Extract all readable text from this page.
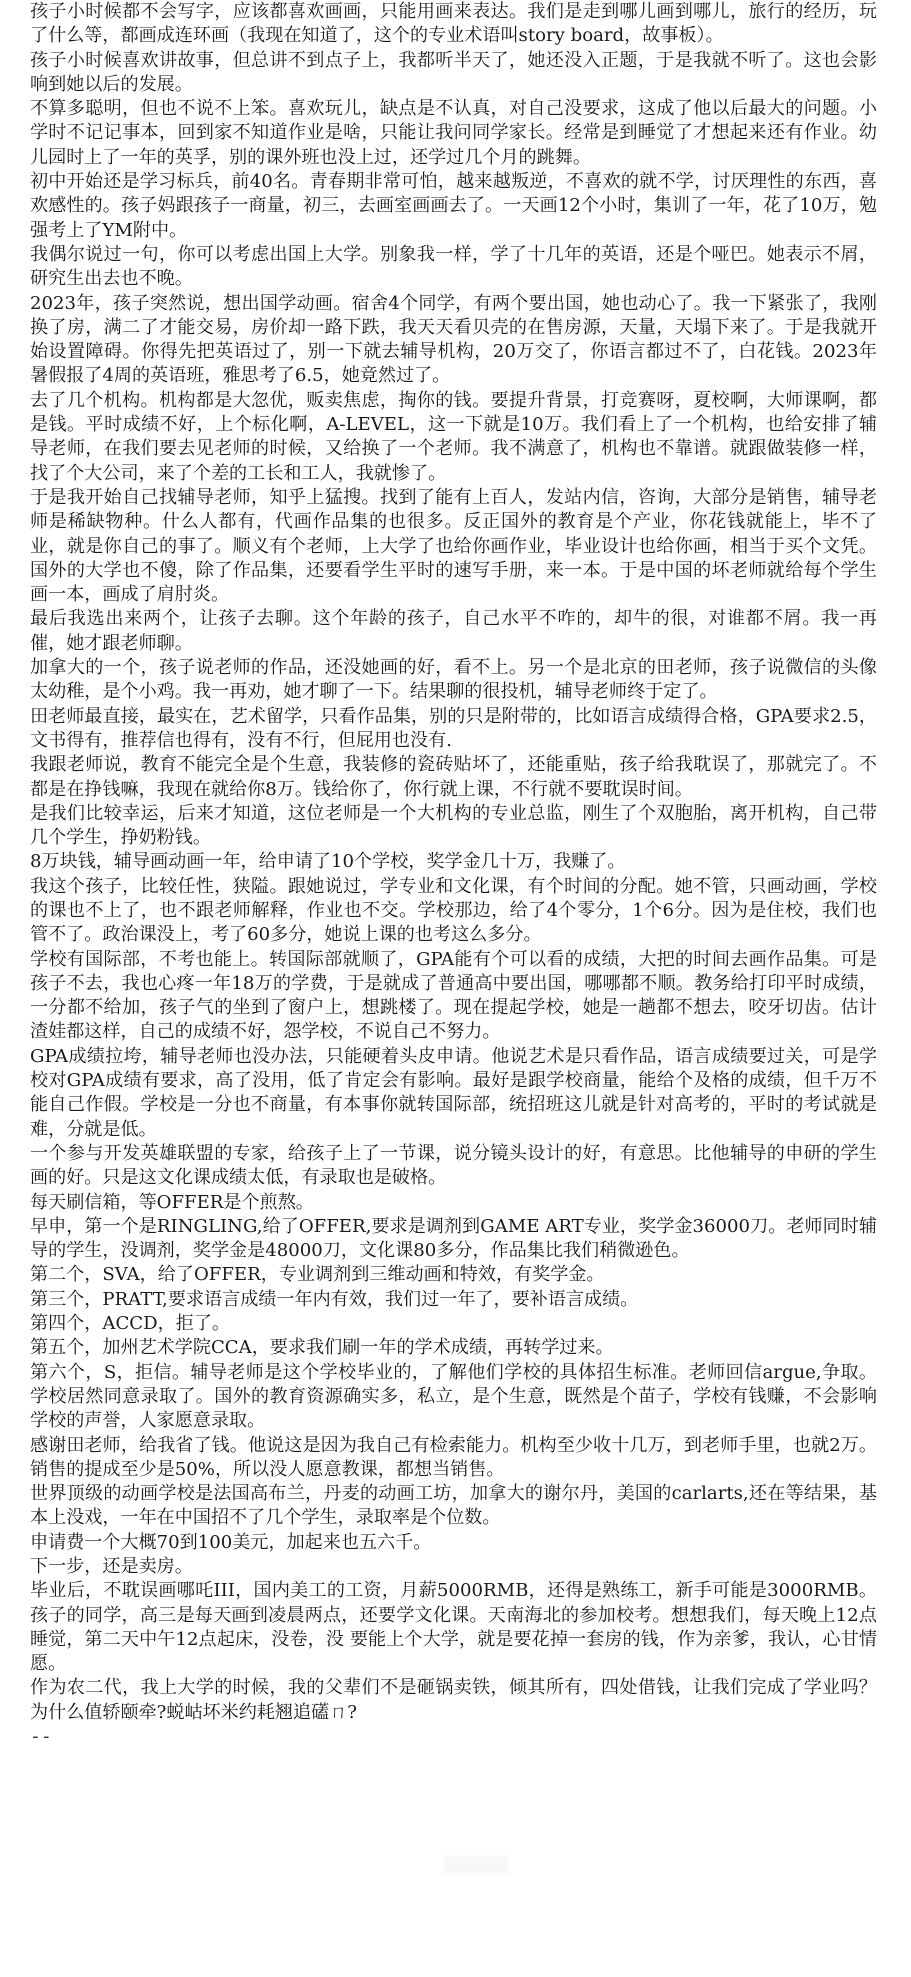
孩子小时候都不会写字，应该都喜欢画画，只能用画来表达。我们是走到哪儿画到哪儿，旅行的经历，玩了什么等，都画成连环画（我现在知道了，这个的专业术语叫story board，故事板）。

孩子小时候喜欢讲故事，但总讲不到点子上，我都听半天了，她还没入正题，于是我就不听了。这也会影响到她以后的发展。

不算多聪明，但也不说不上笨。喜欢玩儿，缺点是不认真，对自己没要求，这成了他以后最大的问题。小学时不记记事本，回到家不知道作业是啥，只能让我问同学家长。经常是到睡觉了才想起来还有作业。幼儿园时上了一年的英孚，别的课外班也没上过，还学过几个月的跳舞。

初中开始还是学习标兵，前40名。青春期非常可怕，越来越叛逆，不喜欢的就不学，讨厌理性的东西，喜欢感性的。孩子妈跟孩子一商量，初三，去画室画画去了。一天画12个小时，集训了一年，花了10万，勉强考上了YM附中。

我偶尔说过一句，你可以考虑出国上大学。别象我一样，学了十几年的英语，还是个哑巴。她表示不屑，研究生出去也不晚。

2023年，孩子突然说，想出国学动画。宿舍4个同学，有两个要出国，她也动心了。我一下紧张了，我刚换了房，满二了才能交易，房价却一路下跌，我天天看贝壳的在售房源，天量，天塌下来了。于是我就开始设置障碍。你得先把英语过了，别一下就去辅导机构，20万交了，你语言都过不了，白花钱。2023年暑假报了4周的英语班，雅思考了6.5，她竟然过了。

去了几个机构。机构都是大忽优，贩卖焦虑，掏你的钱。要提升背景，打竞赛呀，夏校啊，大师课啊，都是钱。平时成绩不好，上个标化啊，A-LEVEL，这一下就是10万。我们看上了一个机构，也给安排了辅导老师，在我们要去见老师的时候，又给换了一个老师。我不满意了，机构也不靠谱。就跟做装修一样，找了个大公司，来了个差的工长和工人，我就惨了。

于是我开始自己找辅导老师，知乎上猛搜。找到了能有上百人，发站内信，咨询，大部分是销售，辅导老师是稀缺物种。什么人都有，代画作品集的也很多。反正国外的教育是个产业，你花钱就能上，毕不了业，就是你自己的事了。顺义有个老师，上大学了也给你画作业，毕业设计也给你画，相当于买个文凭。国外的大学也不傻，除了作品集，还要看学生平时的速写手册，来一本。于是中国的坏老师就给每个学生画一本，画成了肩肘炎。

最后我选出来两个，让孩子去聊。这个年龄的孩子，自己水平不咋的，却牛的很，对谁都不屑。我一再催，她才跟老师聊。

加拿大的一个，孩子说老师的作品，还没她画的好，看不上。另一个是北京的田老师，孩子说微信的头像太幼稚，是个小鸡。我一再劝，她才聊了一下。结果聊的很投机，辅导老师终于定了。

田老师最直接，最实在，艺术留学，只看作品集，别的只是附带的，比如语言成绩得合格，GPA要求2.5，文书得有，推荐信也得有，没有不行，但屁用也没有.

我跟老师说，教育不能完全是个生意，我装修的瓷砖贴坏了，还能重贴，孩子给我耽误了，那就完了。不都是在挣钱嘛，我现在就给你8万。钱给你了，你行就上课，不行就不要耽误时间。

是我们比较幸运，后来才知道，这位老师是一个大机构的专业总监，刚生了个双胞胎，离开机构，自己带几个学生，挣奶粉钱。

8万块钱，辅导画动画一年，给申请了10个学校，奖学金几十万，我赚了。

我这个孩子，比较任性，狭隘。跟她说过，学专业和文化课，有个时间的分配。她不管，只画动画，学校的课也不上了，也不跟老师解释，作业也不交。学校那边，给了4个零分，1个6分。因为是住校，我们也管不了。政治课没上，考了60多分，她说上课的也考这么多分。

学校有国际部，不考也能上。转国际部就顺了，GPA能有个可以看的成绩，大把的时间去画作品集。可是孩子不去，我也心疼一年18万的学费，于是就成了普通高中要出国，哪哪都不顺。教务给打印平时成绩，一分都不给加，孩子气的坐到了窗户上，想跳楼了。现在提起学校，她是一趟都不想去，咬牙切齿。估计渣娃都这样，自己的成绩不好，怨学校，不说自己不努力。

GPA成绩拉垮，辅导老师也没办法，只能硬着头皮申请。他说艺术是只看作品，语言成绩要过关，可是学校对GPA成绩有要求，高了没用，低了肯定会有影响。最好是跟学校商量，能给个及格的成绩，但千万不能自己作假。学校是一分也不商量，有本事你就转国际部，统招班这儿就是针对高考的，平时的考试就是难，分就是低。

一个参与开发英雄联盟的专家，给孩子上了一节课，说分镜头设计的好，有意思。比他辅导的申研的学生画的好。只是这文化课成绩太低，有录取也是破格。

每天刷信箱，等OFFER是个煎熬。

早申，第一个是RINGLING,给了OFFER,要求是调剂到GAME ART专业，奖学金36000刀。老师同时辅导的学生，没调剂，奖学金是48000刀，文化课80多分，作品集比我们稍微逊色。

第二个，SVA，给了OFFER，专业调剂到三维动画和特效，有奖学金。

第三个，PRATT,要求语言成绩一年内有效，我们过一年了，要补语言成绩。

第四个，ACCD，拒了。

第五个，加州艺术学院CCA，要求我们刷一年的学术成绩，再转学过来。

第六个，S，拒信。辅导老师是这个学校毕业的，了解他们学校的具体招生标准。老师回信argue,争取。学校居然同意录取了。国外的教育资源确实多，私立，是个生意，既然是个苗子，学校有钱赚，不会影响学校的声誉，人家愿意录取。

感谢田老师，给我省了钱。他说这是因为我自己有检索能力。机构至少收十几万，到老师手里，也就2万。销售的提成至少是50%，所以没人愿意教课，都想当销售。

世界顶级的动画学校是法国高布兰，丹麦的动画工坊，加拿大的谢尔丹，美国的carlarts,还在等结果，基本上没戏，一年在中国招不了几个学生，录取率是个位数。

申请费一个大概70到100美元，加起来也五六千。

下一步，还是卖房。

毕业后，不耽误画哪吒III，国内美工的工资，月薪5000RMB，还得是熟练工，新手可能是3000RMB。孩子的同学，高三是每天画到凌晨两点，还要学文化课。天南海北的参加校考。想想我们，每天晚上12点睡觉，第二天中午12点起床，没卷，没 要能上个大学，就是要花掉一套房的钱，作为亲爹，我认，心甘情愿。

作为农二代，我上大学的时候，我的父辈们不是砸锅卖铁，倾其所有，四处借钱，让我们完成了学业吗？为什么值轿颐牵?蜕岵坏米约耗翘追礚ㄇ?

--
